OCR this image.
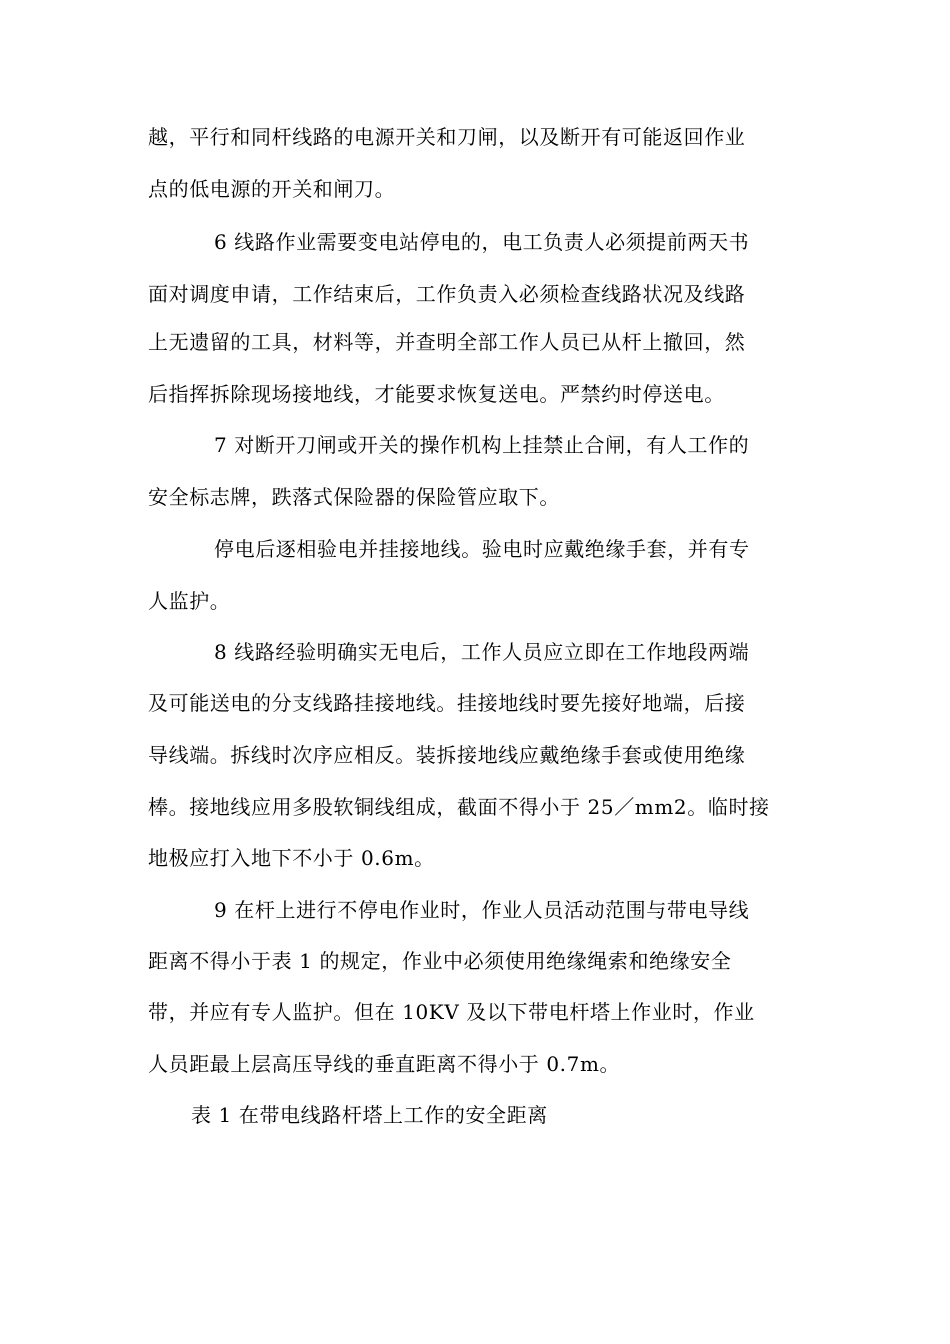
越，平行和同杆线路的电源开关和刀闸，以及断开有可能返回作业
点的低电源的开关和闸刀。
6 线路作业需要变电站停电的，电工负责人必须提前两天书
面对调度申请，工作结束后，工作负责入必须检查线路状况及线路
上无遗留的工具，材料等，并查明全部工作人员已从杆上撤回，然
后指挥拆除现场接地线，才能要求恢复送电。严禁约时停送电。
7 对断开刀闸或开关的操作机构上挂禁止合闸，有人工作的
安全标志牌，跌落式保险器的保险管应取下。
停电后逐相验电并挂接地线。验电时应戴绝缘手套，并有专
人监护。
8 线路经验明确实无电后，工作人员应立即在工作地段两端
及可能送电的分支线路挂接地线。挂接地线时要先接好地端，后接
导线端。拆线时次序应相反。装拆接地线应戴绝缘手套或使用绝缘
棒。接地线应用多股软铜线组成，截面不得小于 25／mm2。临时接
地极应打入地下不小于 0.6m。
9 在杆上进行不停电作业时，作业人员活动范围与带电导线
距离不得小于表 1 的规定，作业中必须使用绝缘绳索和绝缘安全
带，并应有专人监护。但在 10KV 及以下带电杆塔上作业时，作业
人员距最上层高压导线的垂直距离不得小于 0.7m。
表 1 在带电线路杆塔上工作的安全距离
